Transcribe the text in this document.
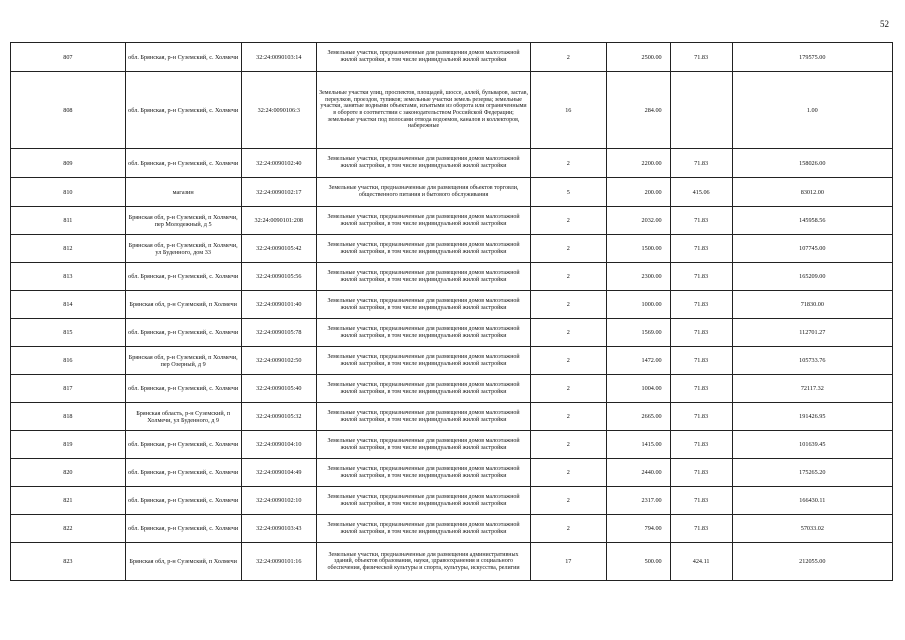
52
807	обл. Брянская, р-н Суземский, с. Холмечи	32:24:0090103:14	Земельные участки, предназначенные для размещения домов малоэтажной жилой застройки, в том числе индивидуальной жилой застройки	2	2500.00	71.83	179575.00
808	обл. Брянская, р-н Суземский, с. Холмечи	32:24:0090106:3	Земельные участки улиц, проспектов, площадей, шоссе, аллей, бульваров, застав, переулков, проездов, тупиков; земельные участки земель резерва; земельные участки, занятые водными объектами, изъятыми из оборота или ограниченными в обороте в соответствии с законодательством Российской Федерации; земельные участки под полосами отвода водоемов, каналов и коллекторов, набережные	16	284.00		1.00
809	обл. Брянская, р-н Суземский, с. Холмечи	32:24:0090102:40	Земельные участки, предназначенные для размещения домов малоэтажной жилой застройки, в том числе индивидуальной жилой застройки	2	2200.00	71.83	158026.00
810	магазин	32:24:0090102:17	Земельные участки, предназначенные для размещения объектов торговли, общественного питания и бытового обслуживания	5	200.00	415.06	83012.00
811	Брянская обл, р-н Суземский, п Холмечи, пер Молодежный, д 5	32:24:0090101:208	Земельные участки, предназначенные для размещения домов малоэтажной жилой застройки, в том числе индивидуальной жилой застройки	2	2032.00	71.83	145958.56
812	Брянская обл, р-н Суземский, п Холмечи, ул Буденного, дом 33	32:24:0090105:42	Земельные участки, предназначенные для размещения домов малоэтажной жилой застройки, в том числе индивидуальной жилой застройки	2	1500.00	71.83	107745.00
813	обл. Брянская, р-н Суземский, с. Холмечи	32:24:0090105:56	Земельные участки, предназначенные для размещения домов малоэтажной жилой застройки, в том числе индивидуальной жилой застройки	2	2300.00	71.83	165209.00
814	Брянская обл, р-н Суземский, п Холмечи	32:24:0090101:40	Земельные участки, предназначенные для размещения домов малоэтажной жилой застройки, в том числе индивидуальной жилой застройки	2	1000.00	71.83	71830.00
815	обл. Брянская, р-н Суземский, с. Холмечи	32:24:0090105:78	Земельные участки, предназначенные для размещения домов малоэтажной жилой застройки, в том числе индивидуальной жилой застройки	2	1569.00	71.83	112701.27
816	Брянская обл, р-н Суземский, п Холмечи, пер Озерный, д 9	32:24:0090102:50	Земельные участки, предназначенные для размещения домов малоэтажной жилой застройки, в том числе индивидуальной жилой застройки	2	1472.00	71.83	105733.76
817	обл. Брянская, р-н Суземский, с. Холмечи	32:24:0090105:40	Земельные участки, предназначенные для размещения домов малоэтажной жилой застройки, в том числе индивидуальной жилой застройки	2	1004.00	71.83	72117.32
818	Брянская область, р-н Суземский, п Холмечи, ул Буденного, д 9	32:24:0090105:32	Земельные участки, предназначенные для размещения домов малоэтажной жилой застройки, в том числе индивидуальной жилой застройки	2	2665.00	71.83	191426.95
819	обл. Брянская, р-н Суземский, с. Холмечи	32:24:0090104:10	Земельные участки, предназначенные для размещения домов малоэтажной жилой застройки, в том числе индивидуальной жилой застройки	2	1415.00	71.83	101639.45
820	обл. Брянская, р-н Суземский, с. Холмечи	32:24:0090104:49	Земельные участки, предназначенные для размещения домов малоэтажной жилой застройки, в том числе индивидуальной жилой застройки	2	2440.00	71.83	175265.20
821	обл. Брянская, р-н Суземский, с. Холмечи	32:24:0090102:10	Земельные участки, предназначенные для размещения домов малоэтажной жилой застройки, в том числе индивидуальной жилой застройки	2	2317.00	71.83	166430.11
822	обл. Брянская, р-н Суземский, с. Холмечи	32:24:0090103:43	Земельные участки, предназначенные для размещения домов малоэтажной жилой застройки, в том числе индивидуальной жилой застройки	2	794.00	71.83	57033.02
823	Брянская обл, р-н Суземский, п Холмечи	32:24:0090101:16	Земельные участки, предназначенные для размещения административных зданий, объектов образования, науки, здравоохранения и социального обеспечения, физической культуры и спорта, культуры, искусства, религии	17	500.00	424.11	212055.00
